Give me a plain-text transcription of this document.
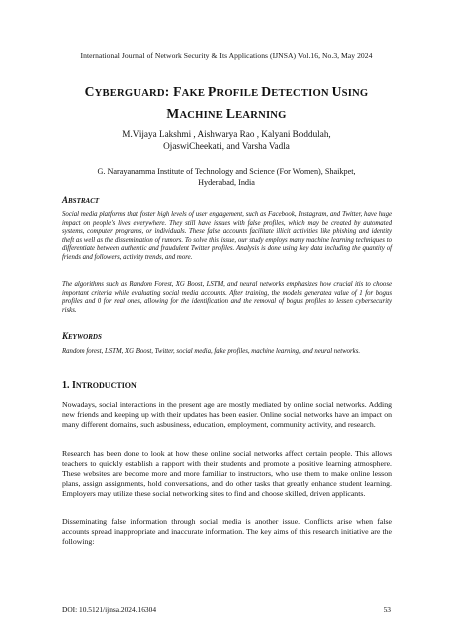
International Journal of Network Security & Its Applications (IJNSA) Vol.16, No.3, May 2024
CYBERGUARD: FAKE PROFILE DETECTION USING
MACHINE LEARNING
M.Vijaya Lakshmi , Aishwarya Rao , Kalyani Boddulah,
OjaswiCheekati, and Varsha Vadla
G. Narayanamma Institute of Technology and Science (For Women), Shaikpet,
Hyderabad, India
ABSTRACT

Social media platforms that foster high levels of user engagement, such as Facebook, Instagram, and Twitter, have huge impact on people's lives everywhere. They still have issues with false profiles, which may be created by automated systems, computer programs, or individuals. These false accounts facilitate illicit activities like phishing and identity theft as well as the dissemination of rumors. To solve this issue, our study employs many machine learning techniques to differentiate between authentic and fraudulent Twitter profiles. Analysis is done using key data including the quantity of friends and followers, activity trends, and more.

The algorithms such as Random Forest, XG Boost, LSTM, and neural networks emphasizes how crucial itis to choose important criteria while evaluating social media accounts. After training, the models generatea value of 1 for bogus profiles and 0 for real ones, allowing for the identification and the removal of bogus profiles to lessen cybersecurity risks.

KEYWORDS

Random forest, LSTM, XG Boost, Twitter, social media, fake profiles, machine learning, and neural networks.

1. INTRODUCTION

Nowadays, social interactions in the present age are mostly mediated by online social networks. Adding new friends and keeping up with their updates has been easier. Online social networks have an impact on many different domains, such asbusiness, education, employment, community activity, and research.

Research has been done to look at how these online social networks affect certain people. This allows teachers to quickly establish a rapport with their students and promote a positive learning atmosphere. These websites are become more and more familiar to instructors, who use them to make online lesson plans, assign assignments, hold conversations, and do other tasks that greatly enhance student learning. Employers may utilize these social networking sites to find and choose skilled, driven applicants.

Disseminating false information through social media is another issue. Conflicts arise when false accounts spread inappropriate and inaccurate information. The key aims of this research initiative are the following:

DOI: 10.5121/ijnsa.2024.16304	53
